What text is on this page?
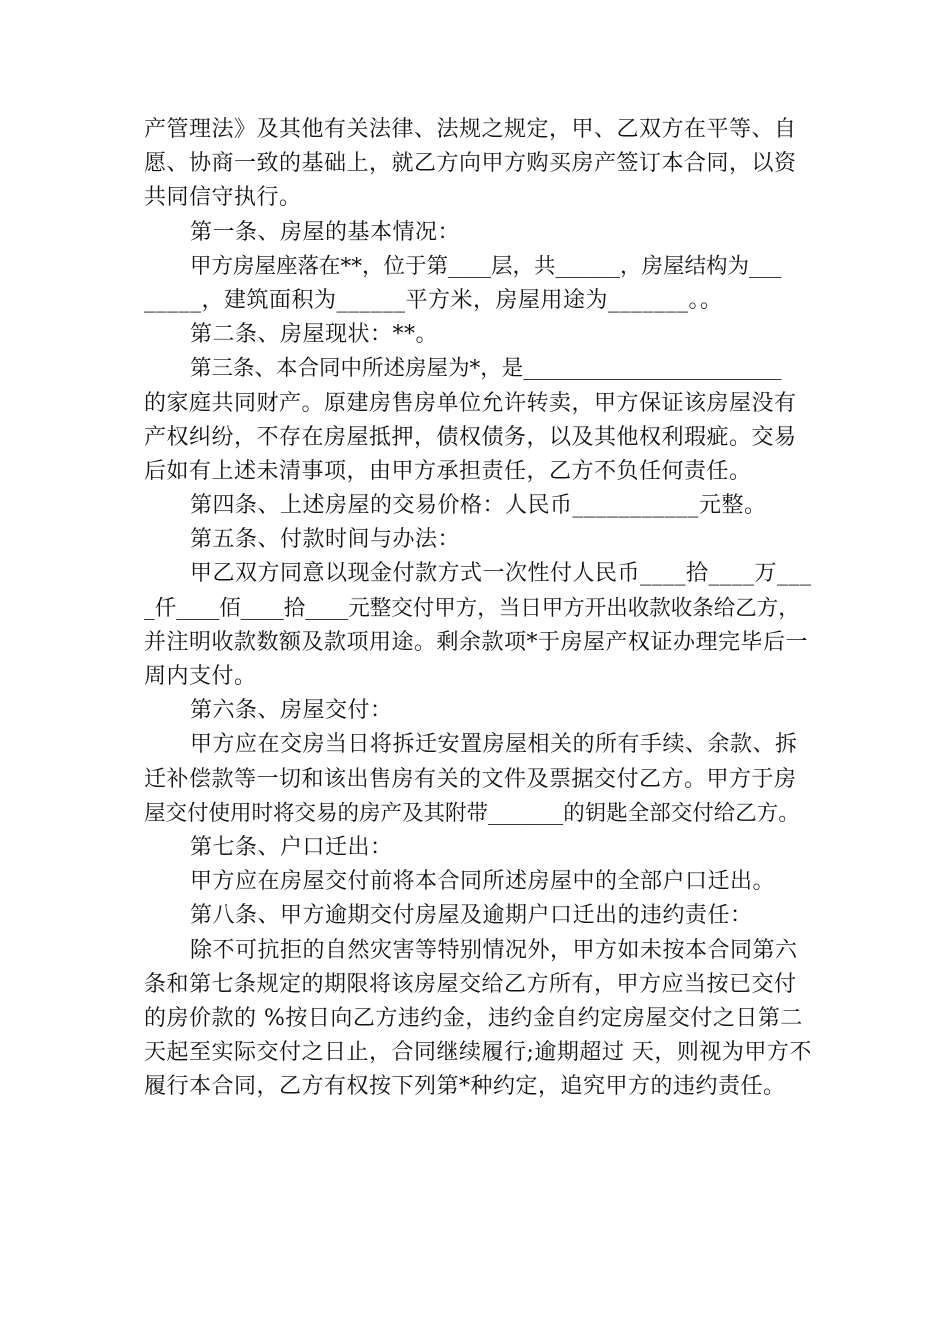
产管理法》及其他有关法律、法规之规定，甲、乙双方在平等、自
愿、协商一致的基础上，就乙方向甲方购买房产签订本合同，以资
共同信守执行。
第一条、房屋的基本情况：
甲方房屋座落在**，位于第____层，共______，房屋结构为___
_____，建筑面积为______平方米，房屋用途为_______。。
第二条、房屋现状：**。
第三条、本合同中所述房屋为*，是________________________
的家庭共同财产。原建房售房单位允许转卖，甲方保证该房屋没有
产权纠纷，不存在房屋抵押，债权债务，以及其他权利瑕疵。交易
后如有上述未清事项，由甲方承担责任，乙方不负任何责任。
第四条、上述房屋的交易价格：人民币___________元整。
第五条、付款时间与办法：
甲乙双方同意以现金付款方式一次性付人民币____拾____万___
_仟____佰____拾____元整交付甲方，当日甲方开出收款收条给乙方，
并注明收款数额及款项用途。剩余款项*于房屋产权证办理完毕后一
周内支付。
第六条、房屋交付：
甲方应在交房当日将拆迁安置房屋相关的所有手续、余款、拆
迁补偿款等一切和该出售房有关的文件及票据交付乙方。甲方于房
屋交付使用时将交易的房产及其附带_______的钥匙全部交付给乙方。
第七条、户口迁出：
甲方应在房屋交付前将本合同所述房屋中的全部户口迁出。
第八条、甲方逾期交付房屋及逾期户口迁出的违约责任：
除不可抗拒的自然灾害等特别情况外，甲方如未按本合同第六
条和第七条规定的期限将该房屋交给乙方所有，甲方应当按已交付
的房价款的 %按日向乙方违约金，违约金自约定房屋交付之日第二
天起至实际交付之日止，合同继续履行;逾期超过 天，则视为甲方不
履行本合同，乙方有权按下列第*种约定，追究甲方的违约责任。
